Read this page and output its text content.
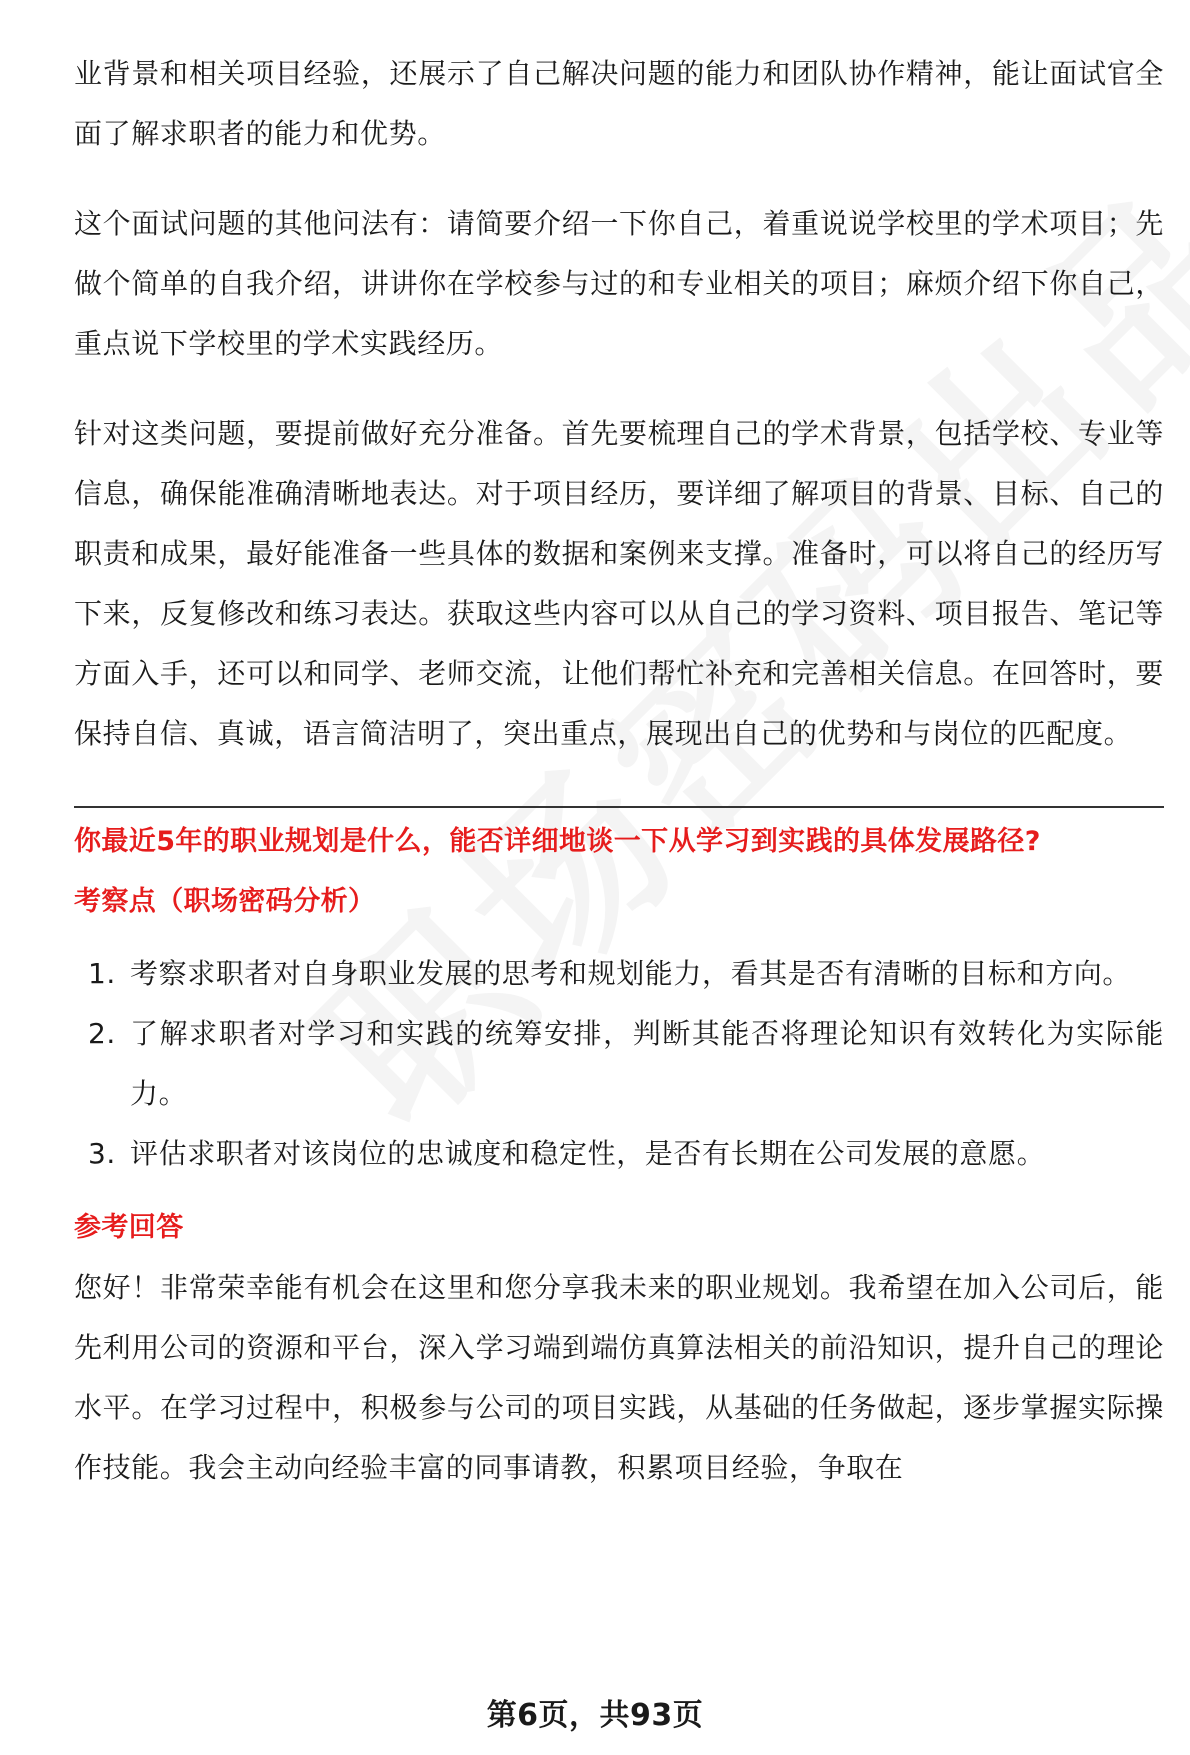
业背景和相关项目经验，还展示了自己解决问题的能力和团队协作精神，能让面试官全面了解求职者的能力和优势。

这个面试问题的其他问法有：请简要介绍一下你自己，着重说说学校里的学术项目；先做个简单的自我介绍，讲讲你在学校参与过的和专业相关的项目；麻烦介绍下你自己，重点说下学校里的学术实践经历。

针对这类问题，要提前做好充分准备。首先要梳理自己的学术背景，包括学校、专业等信息，确保能准确清晰地表达。对于项目经历，要详细了解项目的背景、目标、自己的职责和成果，最好能准备一些具体的数据和案例来支撑。准备时，可以将自己的经历写下来，反复修改和练习表达。获取这些内容可以从自己的学习资料、项目报告、笔记等方面入手，还可以和同学、老师交流，让他们帮忙补充和完善相关信息。在回答时，要保持自信、真诚，语言简洁明了，突出重点，展现出自己的优势和与岗位的匹配度。

你最近5年的职业规划是什么，能否详细地谈一下从学习到实践的具体发展路径?

考察点（职场密码分析）

1. 考察求职者对自身职业发展的思考和规划能力，看其是否有清晰的目标和方向。
2. 了解求职者对学习和实践的统筹安排，判断其能否将理论知识有效转化为实际能力。
3. 评估求职者对该岗位的忠诚度和稳定性，是否有长期在公司发展的意愿。

参考回答

您好！非常荣幸能有机会在这里和您分享我未来的职业规划。我希望在加入公司后，能先利用公司的资源和平台，深入学习端到端仿真算法相关的前沿知识，提升自己的理论水平。在学习过程中，积极参与公司的项目实践，从基础的任务做起，逐步掌握实际操作技能。我会主动向经验丰富的同事请教，积累项目经验，争取在

第6页，共93页
